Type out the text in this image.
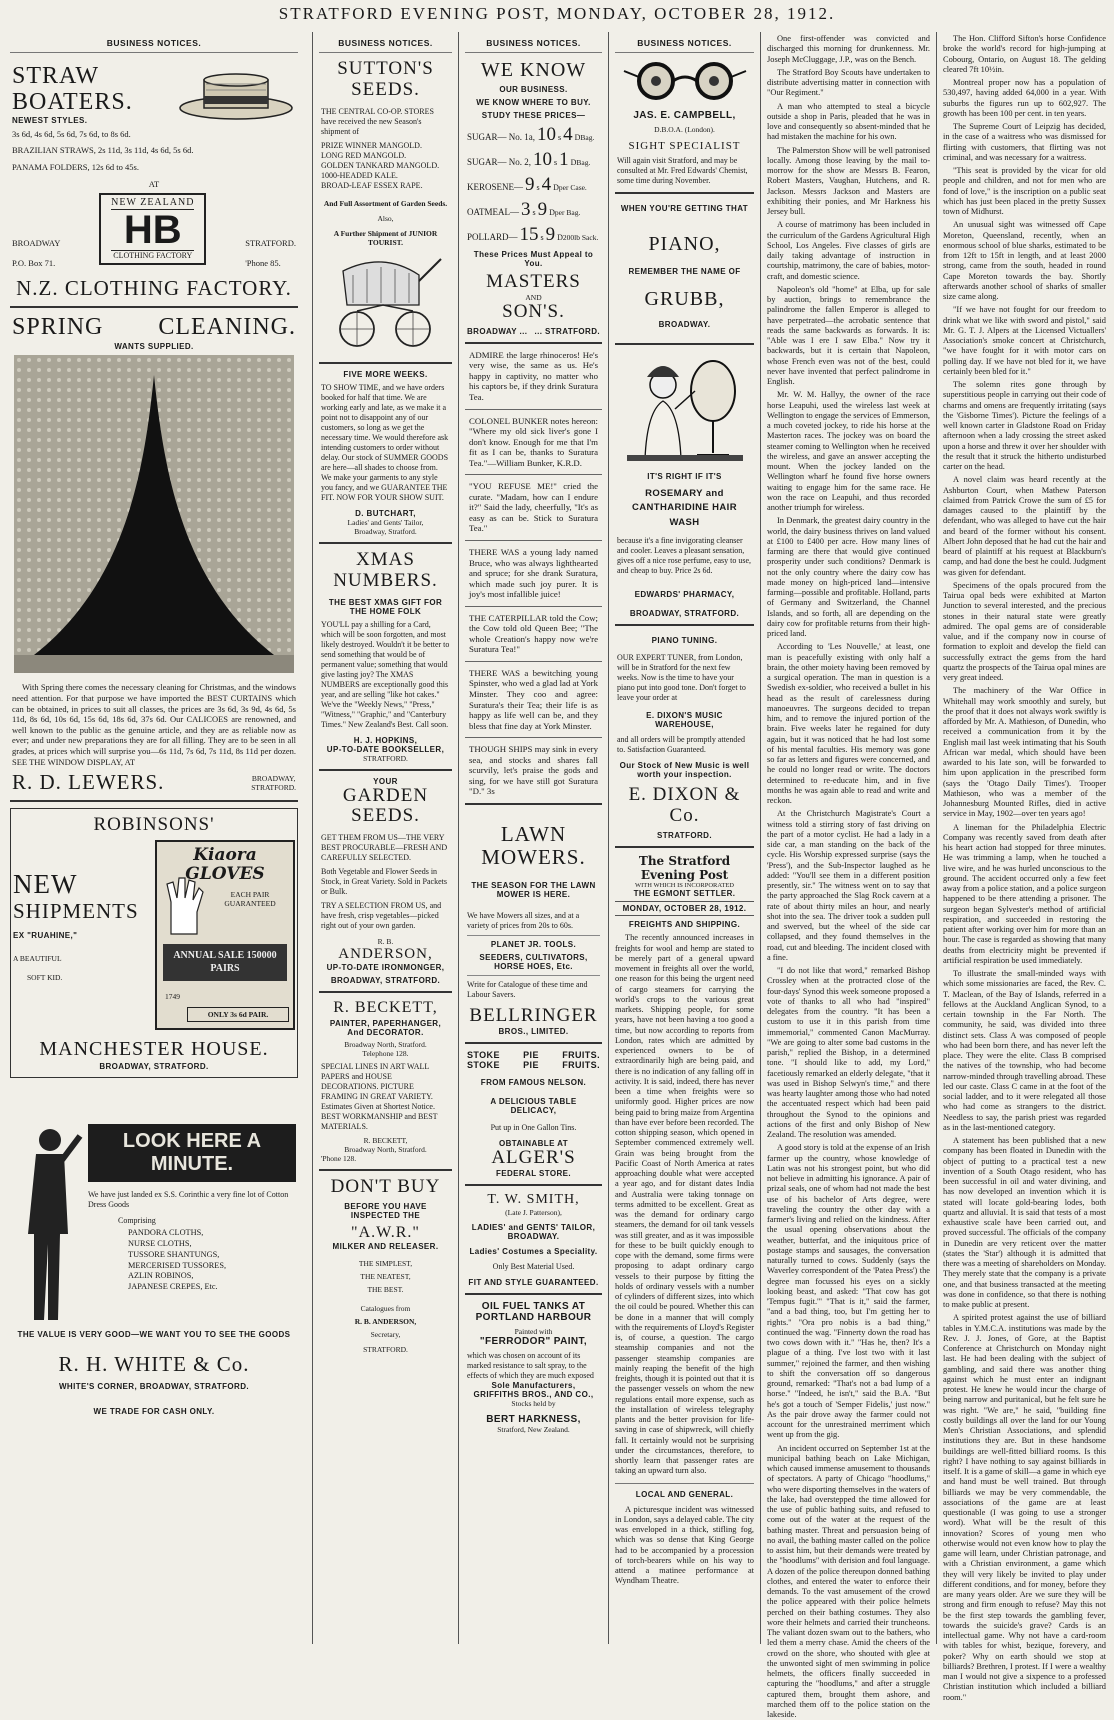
STRATFORD EVENING POST, MONDAY, OCTOBER 28, 1912.
BUSINESS NOTICES.
STRAW
BOATERS.
NEWEST STYLES.
3s 6d, 4s 6d, 5s 6d, 7s 6d, to 8s 6d.
BRAZILIAN STRAWS, 2s 11d, 3s 11d, 4s 6d, 5s 6d.
PANAMA FOLDERS, 12s 6d to 45s.
AT
BROADWAY
P.O. Box 71.
NEW ZEALAND
HB
CLOTHING FACTORY
STRATFORD.
'Phone 85.
N.Z. CLOTHING FACTORY.
SPRING CLEANING.
WANTS SUPPLIED.
With Spring there comes the necessary cleaning for Christmas, and the windows need attention. For that purpose we have imported the BEST CURTAINS which can be obtained, in prices to suit all classes, the prices are 3s 6d, 3s 9d, 4s 6d, 5s 11d, 8s 6d, 10s 6d, 15s 6d, 18s 6d, 37s 6d. Our CALICOES are renowned, and well known to the public as the genuine article, and they are as reliable now as ever; and under new preparations they are for all filling. They are to be seen in all grades, at prices which will surprise you—6s 11d, 7s 6d, 7s 11d, 8s 11d per dozen. SEE THE WINDOW DISPLAY, AT
R. D. LEWERS.	BROADWAY,
STRATFORD.
ROBINSONS'
NEW
SHIPMENTS
EX "RUAHINE,"
A BEAUTIFUL
SOFT KID.
Kiaora GLOVES
EACH PAIR GUARANTEED
ANNUAL SALE 150000 PAIRS
1749
ONLY 3s 6d PAIR.
MANCHESTER HOUSE.
BROADWAY, STRATFORD.
LOOK HERE A MINUTE.
We have just landed ex S.S. Corinthic a very fine lot of Cotton Dress Goods
Comprising
PANDORA CLOTHS,
NURSE CLOTHS,
TUSSORE SHANTUNGS,
MERCERISED TUSSORES,
AZLIN ROBINOS,
JAPANESE CREPES, Etc.
THE VALUE IS VERY GOOD—WE WANT YOU TO SEE THE GOODS
R. H. WHITE & Co.
WHITE'S CORNER, BROADWAY, STRATFORD.
WE TRADE FOR CASH ONLY.
BUSINESS NOTICES.
SUTTON'S
SEEDS.
THE CENTRAL CO-OP. STORES have received the new Season's shipment of
PRIZE WINNER MANGOLD.
LONG RED MANGOLD.
GOLDEN TANKARD MANGOLD.
1000-HEADED KALE.
BROAD-LEAF ESSEX RAPE.
And Full Assortment of Garden Seeds.
Also,
A Further Shipment of JUNIOR TOURIST.
FIVE MORE WEEKS.
TO SHOW TIME, and we have orders booked for half that time. We are working early and late, as we make it a point not to disappoint any of our customers, so long as we get the necessary time. We would therefore ask intending customers to order without delay. Our stock of SUMMER GOODS are here—all shades to choose from. We make your garments to any style you fancy, and we GUARANTEE THE FIT. NOW FOR YOUR SHOW SUIT.
D. BUTCHART,
Ladies' and Gents' Tailor,
Broadway, Stratford.
XMAS
NUMBERS.
THE BEST XMAS GIFT FOR THE HOME FOLK
YOU'LL pay a shilling for a Card, which will be soon forgotten, and most likely destroyed. Wouldn't it be better to send something that would be of permanent value; something that would give lasting joy? The XMAS NUMBERS are exceptionally good this year, and are selling "like hot cakes." We've the "Weekly News," "Press," "Witness," "Graphic," and "Canterbury Times." New Zealand's Best. Call soon.
H. J. HOPKINS,
UP-TO-DATE BOOKSELLER,
STRATFORD.
YOUR
GARDEN
SEEDS.
GET THEM FROM US—THE VERY BEST PROCURABLE—FRESH AND CAREFULLY SELECTED.
Both Vegetable and Flower Seeds in Stock, in Great Variety. Sold in Packets or Bulk.
TRY A SELECTION FROM US, and have fresh, crisp vegetables—picked right out of your own garden.
R. B.
ANDERSON,
UP-TO-DATE IRONMONGER,
BROADWAY, STRATFORD.
R. BECKETT,
PAINTER, PAPERHANGER, And DECORATOR.
Broadway North, Stratford.
Telephone 128.
SPECIAL LINES IN ART WALL PAPERS and HOUSE DECORATIONS. PICTURE FRAMING IN GREAT VARIETY. Estimates Given at Shortest Notice. BEST WORKMANSHIP and BEST MATERIALS.
R. BECKETT,
Broadway North, Stratford.
'Phone 128.
DON'T BUY
BEFORE YOU HAVE INSPECTED THE
"A.W.R."
MILKER AND RELEASER.
THE SIMPLEST,
THE NEATEST,
THE BEST.
Catalogues from
R. B. ANDERSON,
Secretary,
STRATFORD.
BUSINESS NOTICES.
WE KNOW
OUR BUSINESS.
WE KNOW WHERE TO BUY.
STUDY THESE PRICES—
SUGAR— No. 1a, 10 s 4 D Bag.
SUGAR— No. 2, 10 s 1 D Bag.
KEROSENE— 9 s 4 D per Case.
OATMEAL— 3 s 9 D per Bag.
POLLARD— 15 s 9 D 200lb Sack.
These Prices Must Appeal to You.
MASTERS
AND
SON'S.
BROADWAY ... ... STRATFORD.
ADMIRE the large rhinoceros! He's very wise, the same as us. He's happy in captivity, no matter who his captors be, if they drink Suratura Tea.
COLONEL BUNKER notes hereon: "Where my old sick liver's gone I don't know. Enough for me that I'm fit as I can be, thanks to Suratura Tea."—William Bunker, K.R.D.
"YOU REFUSE ME!" cried the curate. "Madam, how can I endure it?" Said the lady, cheerfully, "It's as easy as can be. Stick to Suratura Tea."
THERE WAS a young lady named Bruce, who was always lighthearted and spruce; for she drank Suratura, which made such joy purer. It is joy's most infallible juice!
THE CATERPILLAR told the Cow; the Cow told old Queen Bee; "The whole Creation's happy now we're Suratura Tea!"
THERE WAS a bewitching young Spinster, who wed a glad lad at York Minster. They coo and agree: Suratura's their Tea; their life is as happy as life well can be, and they bless that fine day at York Minster.
THOUGH SHIPS may sink in every sea, and stocks and shares fall scurvily, let's praise the gods and sing, for we have still got Suratura "D." 3s
LAWN
MOWERS.
THE SEASON FOR THE LAWN MOWER IS HERE.
We have Mowers all sizes, and at a variety of prices from 20s to 60s.
PLANET JR. TOOLS.
SEEDERS, CULTIVATORS, HORSE HOES, Etc.
Write for Catalogue of these time and Labour Savers.
BELLRINGER
BROS., LIMITED.
STOKE	PIE	FRUITS.
STOKE	PIE	FRUITS.
FROM FAMOUS NELSON.
A DELICIOUS TABLE DELICACY,
Put up in One Gallon Tins.
OBTAINABLE AT
ALGER'S
FEDERAL STORE.
T. W. SMITH,
(Late J. Patterson),
LADIES' and GENTS' TAILOR, BROADWAY.
Ladies' Costumes a Speciality.
Only Best Material Used.
FIT AND STYLE GUARANTEED.
OIL FUEL TANKS AT PORTLAND HARBOUR
Painted with
"FERRODOR" PAINT,
which was chosen on account of its marked resistance to salt spray, to the effects of which they are much exposed
Sole Manufacturers,
GRIFFITHS BROS., AND CO.,
Stocks held by
BERT HARKNESS,
Stratford, New Zealand.
BUSINESS NOTICES.
JAS. E. CAMPBELL,
D.B.O.A. (London).
SIGHT SPECIALIST
Will again visit Stratford, and may be consulted at Mr. Fred Edwards' Chemist, some time during November.
WHEN YOU'RE GETTING THAT
PIANO,
REMEMBER THE NAME OF
GRUBB,
BROADWAY.
IT'S RIGHT IF IT'S
ROSEMARY and CANTHARIDINE HAIR WASH
because it's a fine invigorating cleanser and cooler. Leaves a pleasant sensation, gives off a nice rose perfume, easy to use, and cheap to buy. Price 2s 6d.
EDWARDS' PHARMACY,
BROADWAY, STRATFORD.
PIANO TUNING.
OUR EXPERT TUNER, from London, will be in Stratford for the next few weeks. Now is the time to have your piano put into good tone. Don't forget to leave your order at
E. DIXON'S MUSIC WAREHOUSE,
and all orders will be promptly attended to. Satisfaction Guaranteed.
Our Stock of New Music is well worth your inspection.
E. DIXON & Co.
STRATFORD.
The Stratford Evening Post
WITH WHICH IS INCORPORATED
THE EGMONT SETTLER.
MONDAY, OCTOBER 28, 1912.
FREIGHTS AND SHIPPING.
The recently announced increases in freights for wool and hemp are stated to be merely part of a general upward movement in freights all over the world, one reason for this being the urgent need of cargo steamers for carrying the world's crops to the various great markets. Shipping people, for some years, have not been having a too good a time, but now according to reports from London, rates which are admitted by experienced owners to be of extraordinarily high are being paid, and there is no indication of any falling off in activity. It is said, indeed, there has never been a time when freights were so uniformly good. Higher prices are now being paid to bring maize from Argentina than have ever before been recorded. The cotton shipping season, which opened in September commenced extremely well. Grain was being brought from the Pacific Coast of North America at rates approaching double what were accepted a year ago, and for distant dates India and Australia were taking tonnage on terms admitted to be excellent. Great as was the demand for ordinary cargo steamers, the demand for oil tank vessels was still greater, and as it was impossible for these to be built quickly enough to cope with the demand, some firms were proposing to adapt ordinary cargo vessels to their purpose by fitting the holds of ordinary vessels with a number of cylinders of different sizes, into which the oil could be poured. Whether this can be done in a manner that will comply with the requirements of Lloyd's Register is, of course, a question. The cargo steamship companies and not the passenger steamship companies are mainly reaping the benefit of the high freights, though it is pointed out that it is the passenger vessels on whom the new regulations entail more expense, such as the installation of wireless telegraphy plants and the better provision for life-saving in case of shipwreck, will chiefly fall. It certainly would not be surprising under the circumstances, therefore, to shortly learn that passenger rates are taking an upward turn also.
LOCAL AND GENERAL.
A picturesque incident was witnessed in London, says a delayed cable. The city was enveloped in a thick, stifling fog, which was so dense that King George had to be accompanied by a procession of torch-bearers while on his way to attend a matinee performance at Wyndham Theatre.
One first-offender was convicted and discharged this morning for drunkenness. Mr. Joseph McCluggage, J.P., was on the Bench.
The Stratford Boy Scouts have undertaken to distribute advertising matter in connection with "Our Regiment."
A man who attempted to steal a bicycle outside a shop in Paris, pleaded that he was in love and consequently so absent-minded that he had mistaken the machine for his own.
The Palmerston Show will be well patronised locally. Among those leaving by the mail to-morrow for the show are Messrs B. Fearon, Robert Masters, Vaughan, Hutchens, and R. Jackson. Messrs Jackson and Masters are exhibiting their ponies, and Mr Harkness his Jersey bull.
A course of matrimony has been included in the curriculum of the Gardens Agricultural High School, Los Angeles. Five classes of girls are daily taking advantage of instruction in courtship, matrimony, the care of babies, motor-craft, and domestic science.
Napoleon's old "home" at Elba, up for sale by auction, brings to remembrance the palindrome the fallen Emperor is alleged to have perpetrated—the acrobatic sentence that reads the same backwards as forwards. It is: "Able was I ere I saw Elba." Now try it backwards, but it is certain that Napoleon, whose French even was not of the best, could never have invented that perfect palindrome in English.
Mr. W. M. Hallyy, the owner of the race horse Leapuhi, used the wireless last week at Wellington to engage the services of Emmerson, a much coveted jockey, to ride his horse at the Masterton races. The jockey was on board the steamer coming to Wellington when he received the wireless, and gave an answer accepting the mount. When the jockey landed on the Wellington wharf he found five horse owners waiting to engage him for the same race. He won the race on Leapuhi, and thus recorded another triumph for wireless.
In Denmark, the greatest dairy country in the world, the dairy business thrives on land valued at £100 to £400 per acre. How many lines of farming are there that would give continued prosperity under such conditions? Denmark is not the only country where the dairy cow has made money on high-priced land—intensive farming—possible and profitable. Holland, parts of Germany and Switzerland, the Channel Islands, and so forth, all are depending on the dairy cow for profitable returns from their high-priced land.
According to 'Les Nouvelle,' at least, one man is peacefully existing with only half a brain, the other moiety having been removed by a surgical operation. The man in question is a Swedish ex-soldier, who received a bullet in his head as the result of carelessness during manoeuvres. The surgeons decided to trepan him, and to remove the injured portion of the brain. Five weeks later he regained for duty again, but it was noticed that he had lost some of his mental faculties. His memory was gone so far as letters and figures were concerned, and he could no longer read or write. The doctors determined to re-educate him, and in five months he was again able to read and write and reckon.
At the Christchurch Magistrate's Court a witness told a stirring story of fast driving on the part of a motor cyclist. He had a lady in a side car, a man standing on the back of the cycle. His Worship expressed surprise (says the 'Press'), and the Sub-Inspector laughed as he added: "You'll see them in a different position presently, sir." The witness went on to say that the party approached the Slag Rock cavern at a rate of about thirty miles an hour, and nearly shot into the sea. The driver took a sudden pull and swerved, but the wheel of the side car collapsed, and they found themselves in the road, cut and bleeding. The incident closed with a fine.
"I do not like that word," remarked Bishop Crossley when at the protracted close of the four-days' Synod this week someone proposed a vote of thanks to all who had "inspired" delegates from the country. "It has been a custom to use it in this parish from time immemorial," commented Canon MacMurray. "We are going to alter some bad customs in the parish," replied the Bishop, in a determined tone. "I should like to add, my Lord," facetiously remarked an elderly delegate, "that it was used in Bishop Selwyn's time," and there was hearty laughter among those who had noted the accentuated respect which had been paid throughout the Synod to the opinions and actions of the first and only Bishop of New Zealand. The resolution was amended.
A good story is told at the expense of an Irish farmer up the country, whose knowledge of Latin was not his strongest point, but who did not believe in admitting his ignorance. A pair of prizal seals, one of whom had not made the best use of his bachelor of Arts degree, were traveling the country the other day with a farmer's living and relied on the kindness. After the usual opening observations about the weather, butterfat, and the iniquitous price of postage stamps and sausages, the conversation naturally turned to cows. Suddenly (says the Waverley correspondent of the 'Patea Press') the degree man focussed his eyes on a sickly looking beast, and asked: "That cow has got 'Tempus fugit.'" "That is it," said the farmer, "and a bad thing, too, but I'm getting her to rights." "Ora pro nobis is a bad thing," continued the wag. "Finnerty down the road has two cows down with it." "Has he, then? It's a plague of a thing. I've lost two with it last summer," rejoined the farmer, and then wishing to shift the conversation off so dangerous ground, remarked: "That's not a bad lump of a horse." "Indeed, he isn't," said the B.A. "But he's got a touch of 'Semper Fidelis,' just now." As the pair drove away the farmer could not account for the unrestrained merriment which went up from the gig.
An incident occurred on September 1st at the municipal bathing beach on Lake Michigan, which caused immense amusement to thousands of spectators. A party of Chicago "hoodlums," who were disporting themselves in the waters of the lake, had overstepped the time allowed for the use of public bathing suits, and refused to come out of the water at the request of the bathing master. Threat and persuasion being of no avail, the bathing master called on the police to assist him, but their demands were treated by the "hoodlums" with derision and foul language. A dozen of the police thereupon donned bathing clothes, and entered the water to enforce their demands. To the vast amusement of the crowd the police appeared with their police helmets perched on their bathing costumes. They also wore their helmets and carried their truncheons. The valiant dozen swam out to the bathers, who led them a merry chase. Amid the cheers of the crowd on the shore, who shouted with glee at the unwonted sight of men swimming in police helmets, the officers finally succeeded in capturing the "hoodlums," and after a struggle captured them, brought them ashore, and marched them off to the police station on the lakeside.
The Hon. Clifford Sifton's horse Confidence broke the world's record for high-jumping at Cobourg, Ontario, on August 18. The gelding cleared 7ft 10½in.
Montreal proper now has a population of 530,497, having added 64,000 in a year. With suburbs the figures run up to 602,927. The growth has been 100 per cent. in ten years.
The Supreme Court of Leipzig has decided, in the case of a waitress who was dismissed for flirting with customers, that flirting was not criminal, and was necessary for a waitress.
"This seat is provided by the vicar for old people and children, and not for men who are fond of love," is the inscription on a public seat which has just been placed in the pretty Sussex town of Midhurst.
An unusual sight was witnessed off Cape Moreton, Queensland, recently, when an enormous school of blue sharks, estimated to be from 12ft to 15ft in length, and at least 2000 strong, came from the south, headed in round Cape Moreton towards the bay. Shortly afterwards another school of sharks of smaller size came along.
"If we have not fought for our freedom to drink what we like with sword and pistol," said Mr. G. T. J. Alpers at the Licensed Victuallers' Association's smoke concert at Christchurch, "we have fought for it with motor cars on polling day. If we have not bled for it, we have certainly been bled for it."
The solemn rites gone through by superstitious people in carrying out their code of charms and omens are frequently irritating (says the 'Gisborne Times'). Picture the feelings of a well known carter in Gladstone Road on Friday afternoon when a lady crossing the street asked upon a horse and threw it over her shoulder with the result that it struck the hitherto undisturbed carter on the head.
A novel claim was heard recently at the Ashburton Court, when Mathew Paterson claimed from Patrick Crowe the sum of £5 for damages caused to the plaintiff by the defendant, who was alleged to have cut the hair and beard of the former without his consent. Albert John deposed that he had cut the hair and beard of plaintiff at his request at Blackburn's camp, and had done the best he could. Judgment was given for defendant.
Specimens of the opals procured from the Tairua opal beds were exhibited at Marton Junction to several interested, and the precious stones in their natural state were greatly admired. The opal gems are of considerable value, and if the company now in course of formation to exploit and develop the field can successfully extract the gems from the hard quartz the prospects of the Tairua opal mines are very great indeed.
The machinery of the War Office in Whitehall may work smoothly and surely, but the proof that it does not always work swiftly is afforded by Mr. A. Mathieson, of Dunedin, who received a communication from it by the English mail last week intimating that his South African war medal, which should have been awarded to his late son, will be forwarded to him upon application in the prescribed form (says the 'Otago Daily Times'). Trooper Mathieson, who was a member of the Johannesburg Mounted Rifles, died in active service in May, 1902—over ten years ago!
A lineman for the Philadelphia Electric Company was recently saved from death after his heart action had stopped for three minutes. He was trimming a lamp, when he touched a live wire, and he was hurled unconscious to the ground. The accident occurred only a few feet away from a police station, and a police surgeon happened to be there attending a prisoner. The surgeon began Sylvester's method of artificial respiration, and succeeded in restoring the patient after working over him for more than an hour. The case is regarded as showing that many deaths from electricity might be prevented if artificial respiration be used immediately.
To illustrate the small-minded ways with which some missionaries are faced, the Rev. C. T. Maclean, of the Bay of Islands, referred in a fellows at the Auckland Anglican Synod, to a certain township in the Far North. The community, he said, was divided into three distinct sets. Class A was composed of people who had been born there, and has never left the place. They were the elite. Class B comprised the natives of the township, who had become narrow-minded through travelling abroad. These led our caste. Class C came in at the foot of the social ladder, and to it were relegated all those who had come as strangers to the district. Needless to say, the parish priest was regarded as in the last-mentioned category.
A statement has been published that a new company has been floated in Dunedin with the object of putting to a practical test a new invention of a South Otago resident, who has been successful in oil and water divining, and has now developed an invention which it is stated will locate gold-bearing lodes, both quartz and alluvial. It is said that tests of a most exhaustive scale have been carried out, and proved successful. The officials of the company in Dunedin are very reticent over the matter (states the 'Star') although it is admitted that there was a meeting of shareholders on Monday. They merely state that the company is a private one, and that business transacted at the meeting was done in confidence, so that there is nothing to make public at present.
A spirited protest against the use of billiard tables in Y.M.C.A. institutions was made by the Rev. J. J. Jones, of Gore, at the Baptist Conference at Christchurch on Monday night last. He had been dealing with the subject of gambling, and said there was another thing against which he must enter an indignant protest. He knew he would incur the charge of being narrow and puritanical, but he felt sure he was right. "We are," he said, "building fine costly buildings all over the land for our Young Men's Christian Associations, and splendid institutions they are. But in these handsome buildings are well-fitted billiard rooms. Is this right? I have nothing to say against billiards in itself. It is a game of skill—a game in which eye and hand must be well trained. But through billiards we may be very commendable, the associations of the game are at least questionable (I was going to use a stronger word). What will be the result of this innovation? Scores of young men who otherwise would not even know how to play the game will learn, under Christian patronage, and with a Christian environment, a game which they will very likely be invited to play under different conditions, and for money, before they are many years older. Are we sure they will be strong and firm enough to refuse? May this not be the first step towards the gambling fever, towards the suicide's grave? Cards is an intellectual game. Why not have a card-room with tables for whist, bezique, forevery, and poker? Why on earth should we stop at billiards? Brethren, I protest. If I were a wealthy man I would not give a sixpence to a professed Christian institution which included a billiard room."
